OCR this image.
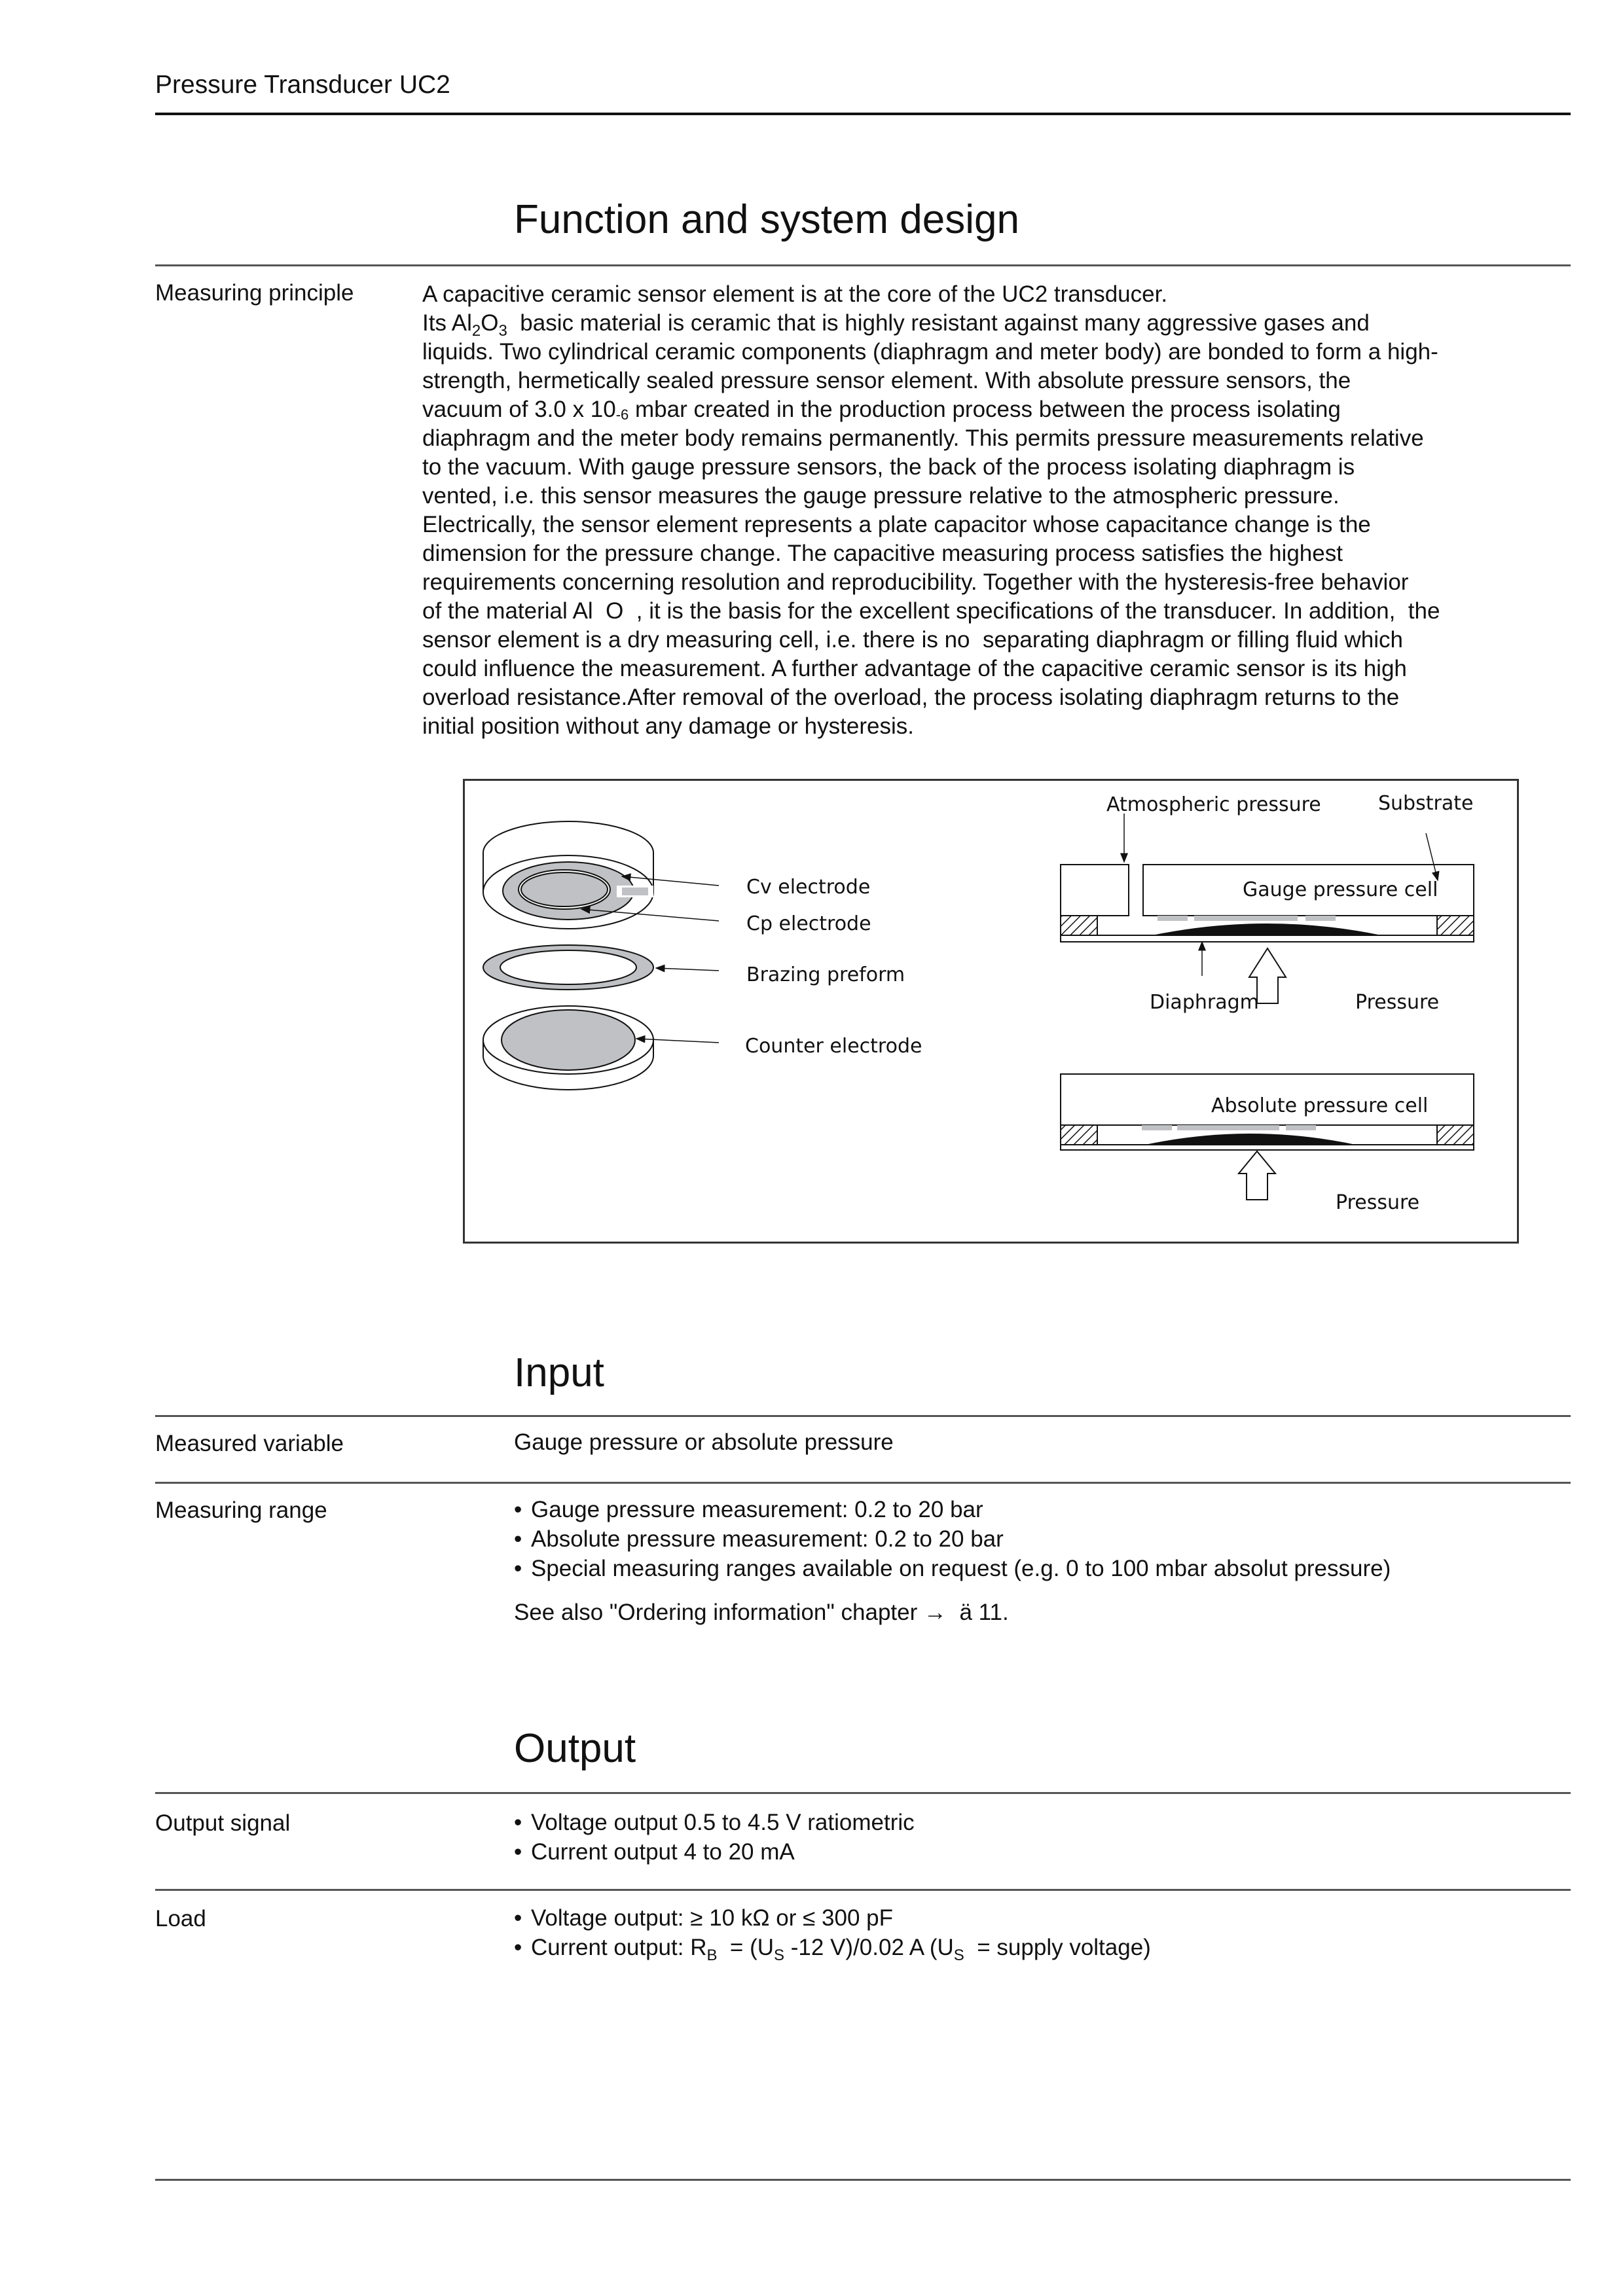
Pressure Transducer UC2
Function and system design
Measuring principle	A capacitive ceramic sensor element is at the core of the UC2 transducer.
Its $Al_2O_3$  basic material is ceramic that is highly resistant against many aggressive gases and
liquids. Two cylindrical ceramic components (diaphragm and meter body) are bonded to form a high-
strength, hermetically sealed pressure sensor element. With absolute pressure sensors, the
vacuum of 3.0 x $10^{-6}$ mbar created in the production process between the process isolating
diaphragm and the meter body remains permanently. This permits pressure measurements relative
to the vacuum. With gauge pressure sensors, the back of the process isolating diaphragm is
vented, i.e. this sensor measures the gauge pressure relative to the atmospheric pressure.
Electrically, the sensor element represents a plate capacitor whose capacitance change is the
dimension for the pressure change. The capacitive measuring process satisfies the highest
requirements concerning resolution and reproducibility. Together with the hysteresis-free behavior
of the material Al  O  , it is the basis for the excellent specifications of the transducer. In addition,  the
sensor element is a dry measuring cell, i.e. there is no  separating diaphragm or filling fluid which
could influence the measurement. A further advantage of the capacitive ceramic sensor is its high
overload resistance.After removal of the overload, the process isolating diaphragm returns to the
initial position without any damage or hysteresis.
Cv electrode
Cp electrode
Brazing preform
Counter electrode
Atmospheric pressure	Substrate
Gauge pressure cell
Diaphragm	Pressure
Absolute pressure cell
Pressure
Input
Measured variable	Gauge pressure or absolute pressure
Measuring range	• Gauge pressure measurement: 0.2 to 20 bar
• Absolute pressure measurement: 0.2 to 20 bar
• Special measuring ranges available on request (e.g. 0 to 100 mbar absolut pressure)
See also "Ordering information" chapter →  ä 11.
Output
Output signal	• Voltage output 0.5 to 4.5 V ratiometric
• Current output 4 to 20 mA
Load	• Voltage output: ≥ 10 kΩ or ≤ 300 pF
• Current output: $R_B = (U_S$ -12 V)/0.02 A ($U_S$  = supply voltage)
